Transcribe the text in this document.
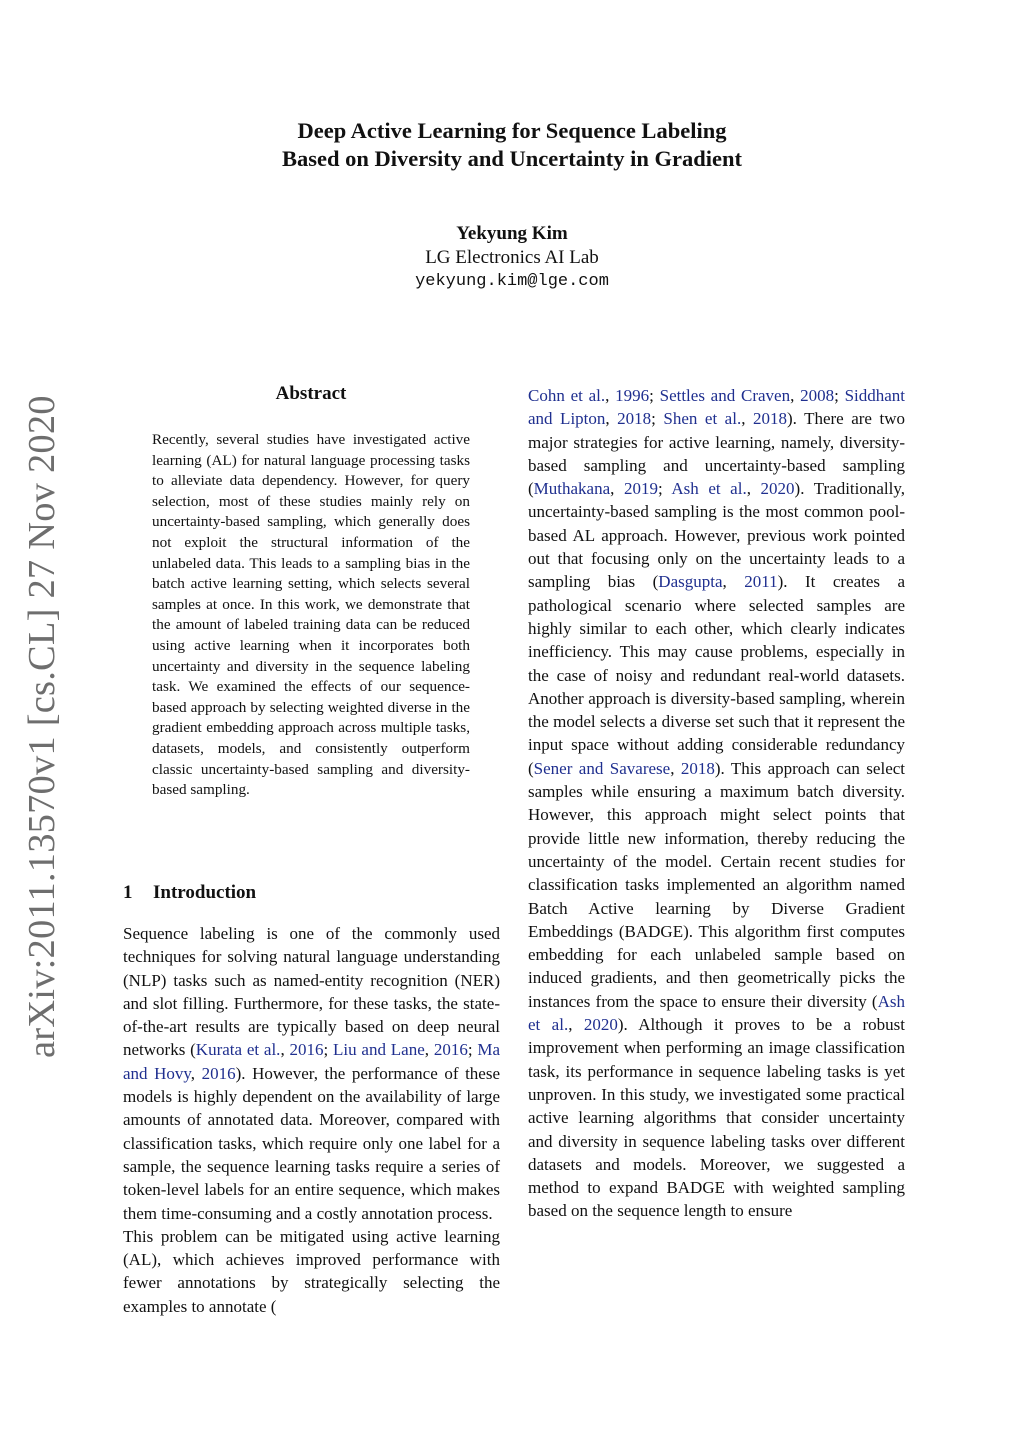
arXiv:2011.13570v1 [cs.CL] 27 Nov 2020
Deep Active Learning for Sequence Labeling
Based on Diversity and Uncertainty in Gradient
Yekyung Kim
LG Electronics AI Lab
yekyung.kim@lge.com
Abstract
Recently, several studies have investigated active learning (AL) for natural language processing tasks to alleviate data dependency. However, for query selection, most of these studies mainly rely on uncertainty-based sampling, which generally does not exploit the structural information of the unlabeled data. This leads to a sampling bias in the batch active learning setting, which selects several samples at once. In this work, we demonstrate that the amount of labeled training data can be reduced using active learning when it incorporates both uncertainty and diversity in the sequence labeling task. We examined the effects of our sequence-based approach by selecting weighted diverse in the gradient embedding approach across multiple tasks, datasets, models, and consistently outperform classic uncertainty-based sampling and diversity-based sampling.
1 Introduction

Sequence labeling is one of the commonly used techniques for solving natural language understanding (NLP) tasks such as named-entity recognition (NER) and slot filling. Furthermore, for these tasks, the state-of-the-art results are typically based on deep neural networks (Kurata et al., 2016; Liu and Lane, 2016; Ma and Hovy, 2016). However, the performance of these models is highly dependent on the availability of large amounts of annotated data. Moreover, compared with classification tasks, which require only one label for a sample, the sequence learning tasks require a series of token-level labels for an entire sequence, which makes them time-consuming and a costly annotation process.

This problem can be mitigated using active learning (AL), which achieves improved performance with fewer annotations by strategically selecting the examples to annotate (

Cohn et al., 1996; Settles and Craven, 2008; Siddhant and Lipton, 2018; Shen et al., 2018). There are two major strategies for active learning, namely, diversity-based sampling and uncertainty-based sampling (Muthakana, 2019; Ash et al., 2020). Traditionally, uncertainty-based sampling is the most common pool-based AL approach. However, previous work pointed out that focusing only on the uncertainty leads to a sampling bias (Dasgupta, 2011). It creates a pathological scenario where selected samples are highly similar to each other, which clearly indicates inefficiency. This may cause problems, especially in the case of noisy and redundant real-world datasets. Another approach is diversity-based sampling, wherein the model selects a diverse set such that it represent the input space without adding considerable redundancy (Sener and Savarese, 2018). This approach can select samples while ensuring a maximum batch diversity. However, this approach might select points that provide little new information, thereby reducing the uncertainty of the model. Certain recent studies for classification tasks implemented an algorithm named Batch Active learning by Diverse Gradient Embeddings (BADGE). This algorithm first computes embedding for each unlabeled sample based on induced gradients, and then geometrically picks the instances from the space to ensure their diversity (Ash et al., 2020). Although it proves to be a robust improvement when performing an image classification task, its performance in sequence labeling tasks is yet unproven. In this study, we investigated some practical active learning algorithms that consider uncertainty and diversity in sequence labeling tasks over different datasets and models. Moreover, we suggested a method to expand BADGE with weighted sampling based on the sequence length to ensure
